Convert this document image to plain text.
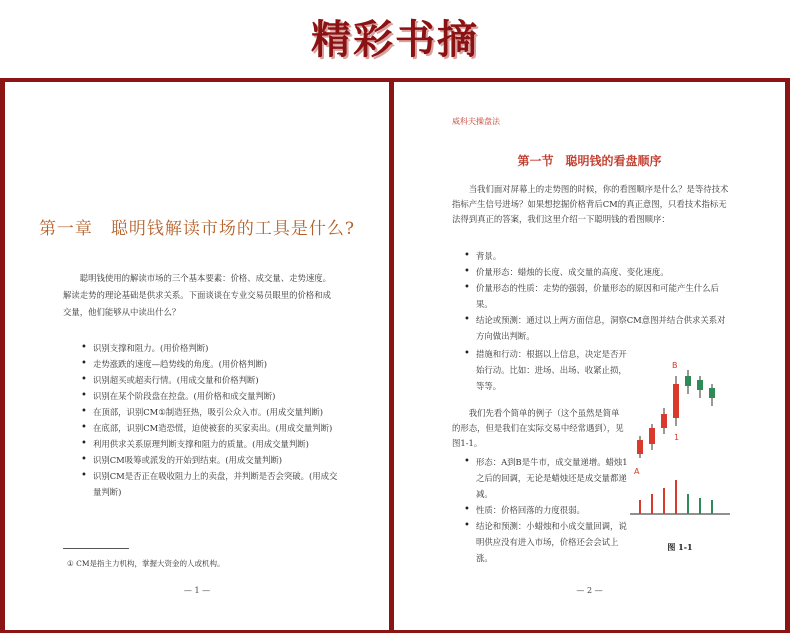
精彩书摘
第一章　聪明钱解读市场的工具是什么?
聪明钱使用的解读市场的三个基本要素：价格、成交量、走势速度。解读走势的理论基础是供求关系。下面谈谈在专业交易员眼里的价格和成交量，他们能够从中读出什么？
• 识别支撑和阻力。(用价格判断)
• 走势涨跌的速度—趋势线的角度。(用价格判断)
• 识别超买或超卖行情。(用成交量和价格判断)
• 识别在某个阶段盘在控盘。(用价格和成交量判断)
• 在顶部，识别CM①制造狂热，吸引公众入市。(用成交量判断)
• 在底部，识别CM造恐慌，迫使被套的买家卖出。(用成交量判断)
• 利用供求关系原理判断支撑和阻力的质量。(用成交量判断)
• 识别CM吸筹或派发的开始到结束。(用成交量判断)
• 识别CM是否正在吸收阻力上的卖盘，并判断是否会突破。(用成交量判断)
① CM是指主力机构，掌握大资金的人或机构。
— 1 —
威科夫操盘法
第一节　聪明钱的看盘顺序
当我们面对屏幕上的走势图的时候，你的看图顺序是什么？是等待技术指标产生信号进场？如果想挖掘价格背后CM的真正意图，只看技术指标无法得到真正的答案，我们这里介绍一下聪明钱的看图顺序：
• 背景。
• 价量形态：蜡烛的长度、成交量的高度、变化速度。
• 价量形态的性质：走势的强弱，价量形态的原因和可能产生什么后果。
• 结论或预测：通过以上两方面信息，洞察CM意图并结合供求关系对方向做出判断。
• 措施和行动：根据以上信息，决定是否开始行动。比如：进场、出场、收紧止损，等等。
我们先看个简单的例子（这个虽然是简单的形态，但是我们在实际交易中经常遇到），见图1-1。
• 形态：A到B是牛市，成交量递增。蜡烛1之后的回调，无论是蜡烛还是成交量都递减。
• 性质：价格回落的力度很弱。
• 结论和预测：小蜡烛和小成交量回调，说明供应没有进入市场，价格还会会试上涨。
A
B
1
图 1-1
— 2 —
